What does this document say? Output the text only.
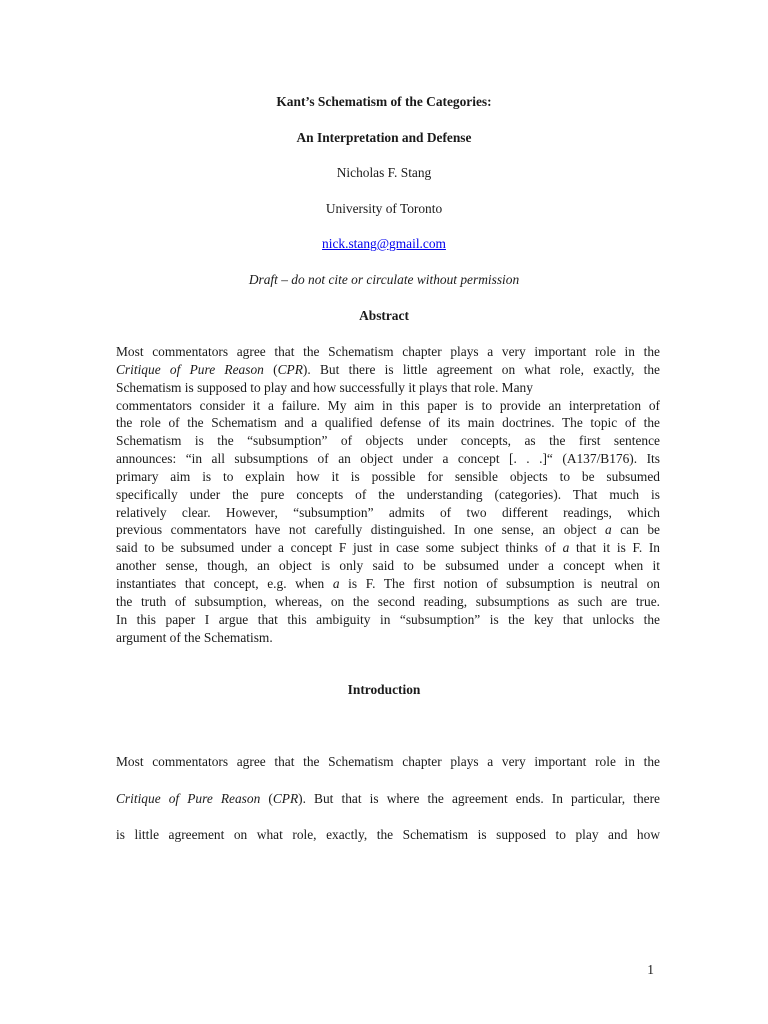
Kant’s Schematism of the Categories:
An Interpretation and Defense
Nicholas F. Stang
University of Toronto
nick.stang@gmail.com
Draft – do not cite or circulate without permission
Abstract
Most commentators agree that the Schematism chapter plays a very important role in the
Critique of Pure Reason (CPR). But there is little agreement on what role, exactly, the
Schematism is supposed to play and how successfully it plays that role. Many
commentators consider it a failure. My aim in this paper is to provide an interpretation of
the role of the Schematism and a qualified defense of its main doctrines. The topic of the
Schematism is the “subsumption” of objects under concepts, as the first sentence
announces: “in all subsumptions of an object under a concept [. . .]“ (A137/B176). Its
primary aim is to explain how it is possible for sensible objects to be subsumed
specifically under the pure concepts of the understanding (categories). That much is
relatively clear. However, “subsumption” admits of two different readings, which
previous commentators have not carefully distinguished. In one sense, an object a can be
said to be subsumed under a concept F just in case some subject thinks of a that it is F. In
another sense, though, an object is only said to be subsumed under a concept when it
instantiates that concept, e.g. when a is F. The first notion of subsumption is neutral on
the truth of subsumption, whereas, on the second reading, subsumptions as such are true.
In this paper I argue that this ambiguity in “subsumption” is the key that unlocks the
argument of the Schematism.
Introduction
Most commentators agree that the Schematism chapter plays a very important role in the
Critique of Pure Reason (CPR). But that is where the agreement ends. In particular, there
is little agreement on what role, exactly, the Schematism is supposed to play and how
1
